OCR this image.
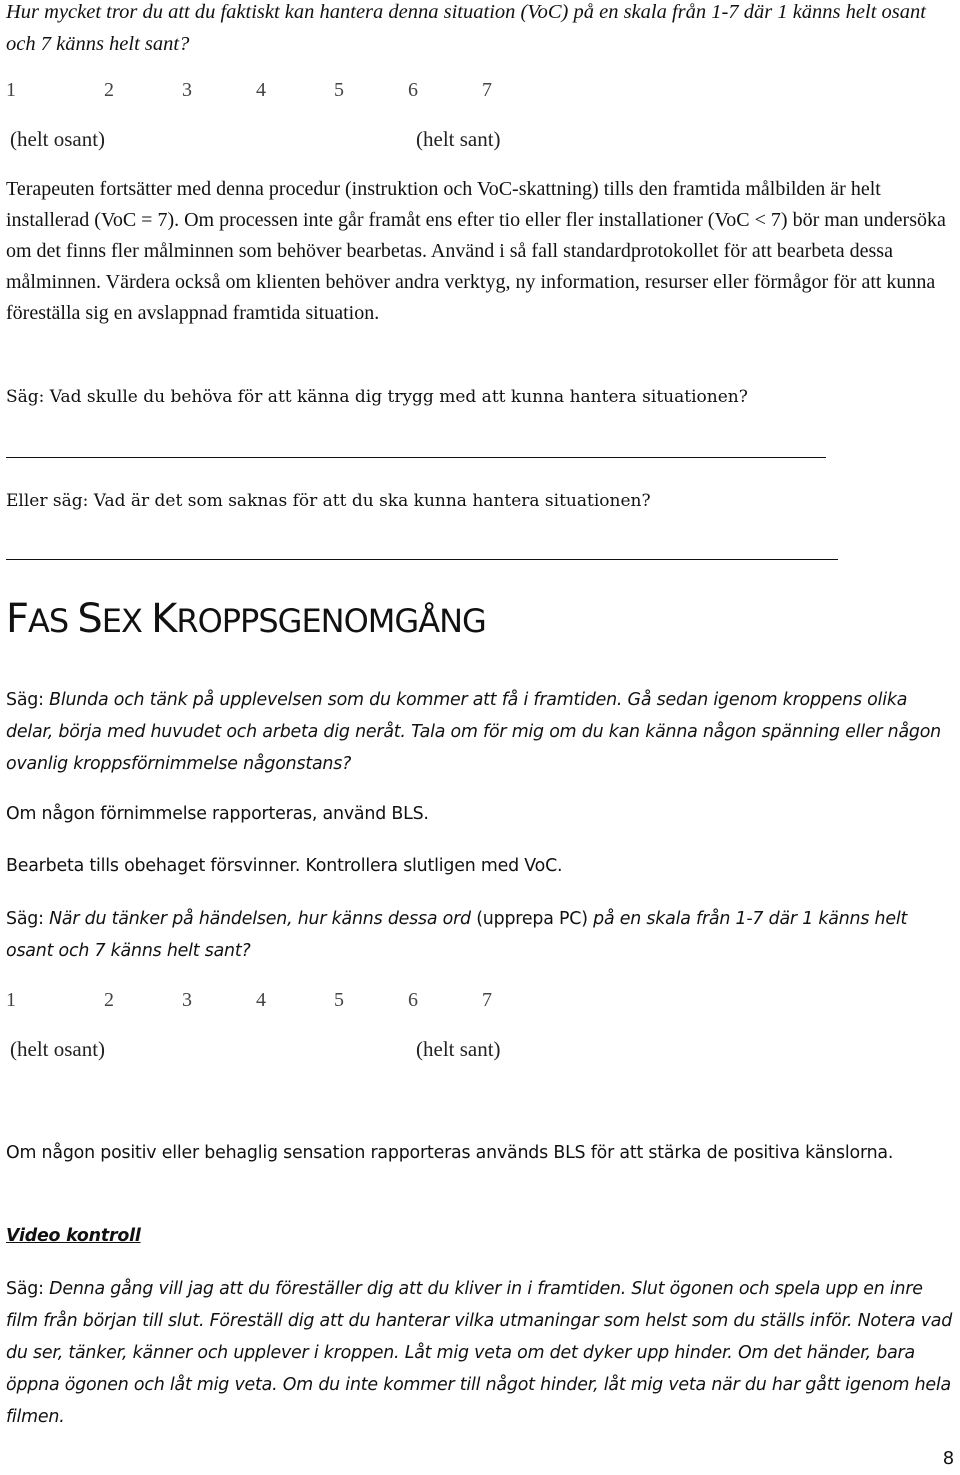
Hur mycket tror du att du faktiskt kan hantera denna situation (VoC) på en skala från 1-7 där 1 känns helt osant och 7 känns helt sant?

1	2	3	4	5	6	7
(helt osant)	(helt sant)

Terapeuten fortsätter med denna procedur (instruktion och VoC-skattning) tills den framtida målbilden är helt installerad (VoC = 7). Om processen inte går framåt ens efter tio eller fler installationer (VoC < 7) bör man undersöka om det finns fler målminnen som behöver bearbetas. Använd i så fall standardprotokollet för att bearbeta dessa målminnen. Värdera också om klienten behöver andra verktyg, ny information, resurser eller förmågor för att kunna föreställa sig en avslappnad framtida situation.

Säg: Vad skulle du behöva för att känna dig trygg med att kunna hantera situationen?

Eller säg: Vad är det som saknas för att du ska kunna hantera situationen?

FAS SEX KROPPSGENOMGÅNG

Säg: Blunda och tänk på upplevelsen som du kommer att få i framtiden. Gå sedan igenom kroppens olika delar, börja med huvudet och arbeta dig neråt. Tala om för mig om du kan känna någon spänning eller någon ovanlig kroppsförnimmelse någonstans?

Om någon förnimmelse rapporteras, använd BLS.

Bearbeta tills obehaget försvinner. Kontrollera slutligen med VoC.

Säg: När du tänker på händelsen, hur känns dessa ord (upprepa PC) på en skala från 1-7 där 1 känns helt osant och 7 känns helt sant?

1	2	3	4	5	6	7
(helt osant)	(helt sant)

Om någon positiv eller behaglig sensation rapporteras används BLS för att stärka de positiva känslorna.

Video kontroll

Säg: Denna gång vill jag att du föreställer dig att du kliver in i framtiden. Slut ögonen och spela upp en inre film från början till slut. Föreställ dig att du hanterar vilka utmaningar som helst som du ställs inför. Notera vad du ser, tänker, känner och upplever i kroppen. Låt mig veta om det dyker upp hinder. Om det händer, bara öppna ögonen och låt mig veta. Om du inte kommer till något hinder, låt mig veta när du har gått igenom hela filmen.

8
